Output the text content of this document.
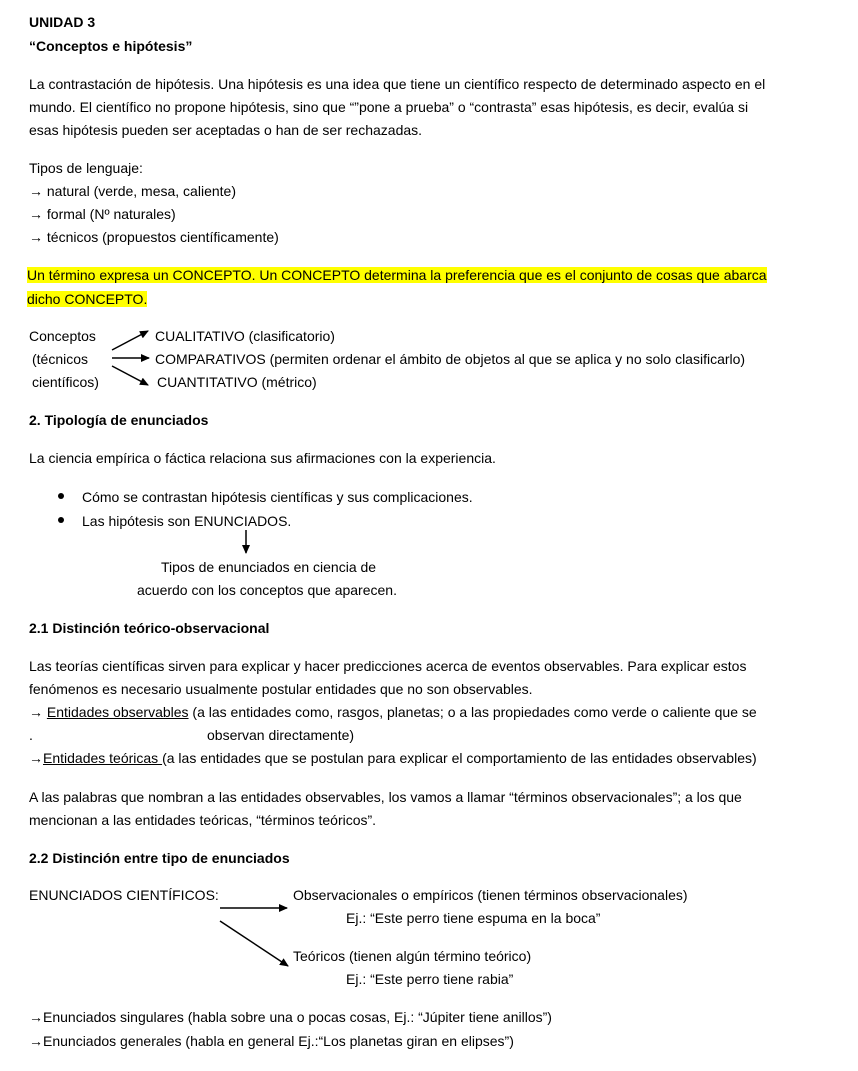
UNIDAD 3
“Conceptos e hipótesis”
La contrastación de hipótesis. Una hipótesis es una idea que tiene un científico respecto de determinado aspecto en el
mundo. El científico no propone hipótesis, sino que “”pone a prueba” o “contrasta” esas hipótesis, es decir, evalúa si
esas hipótesis pueden ser aceptadas o han de ser rechazadas.
Tipos de lenguaje:
→ natural (verde, mesa, caliente)
→ formal (Nº naturales)
→ técnicos (propuestos científicamente)
Un término expresa un CONCEPTO. Un CONCEPTO determina la preferencia que es el conjunto de cosas que abarca
dicho CONCEPTO.
Conceptos
(técnicos
científicos)
CUALITATIVO (clasificatorio)
COMPARATIVOS (permiten ordenar el ámbito de objetos al que se aplica y no solo clasificarlo)
CUANTITATIVO (métrico)
2. Tipología de enunciados
La ciencia empírica o fáctica relaciona sus afirmaciones con la experiencia.
Cómo se contrastan hipótesis científicas y sus complicaciones.
Las hipótesis son ENUNCIADOS.
Tipos de enunciados en ciencia de
acuerdo con los conceptos que aparecen.
2.1 Distinción teórico-observacional
Las teorías científicas sirven para explicar y hacer predicciones acerca de eventos observables. Para explicar estos
fenómenos es necesario usualmente postular entidades que no son observables.
→ Entidades observables (a las entidades como, rasgos, planetas; o a las propiedades como verde o caliente que se
.	observan directamente)
→Entidades teóricas (a las entidades que se postulan para explicar el comportamiento de las entidades observables)
A las palabras que nombran a las entidades observables, los vamos a llamar “términos observacionales”; a los que
mencionan a las entidades teóricas, “términos teóricos”.
2.2 Distinción entre tipo de enunciados
ENUNCIADOS CIENTÍFICOS:	Observacionales o empíricos (tienen términos observacionales)
Ej.: “Este perro tiene espuma en la boca”
Teóricos (tienen algún término teórico)
Ej.: “Este perro tiene rabia”
→Enunciados singulares (habla sobre una o pocas cosas, Ej.: “Júpiter tiene anillos”)
→Enunciados generales (habla en general Ej.:“Los planetas giran en elipses”)
